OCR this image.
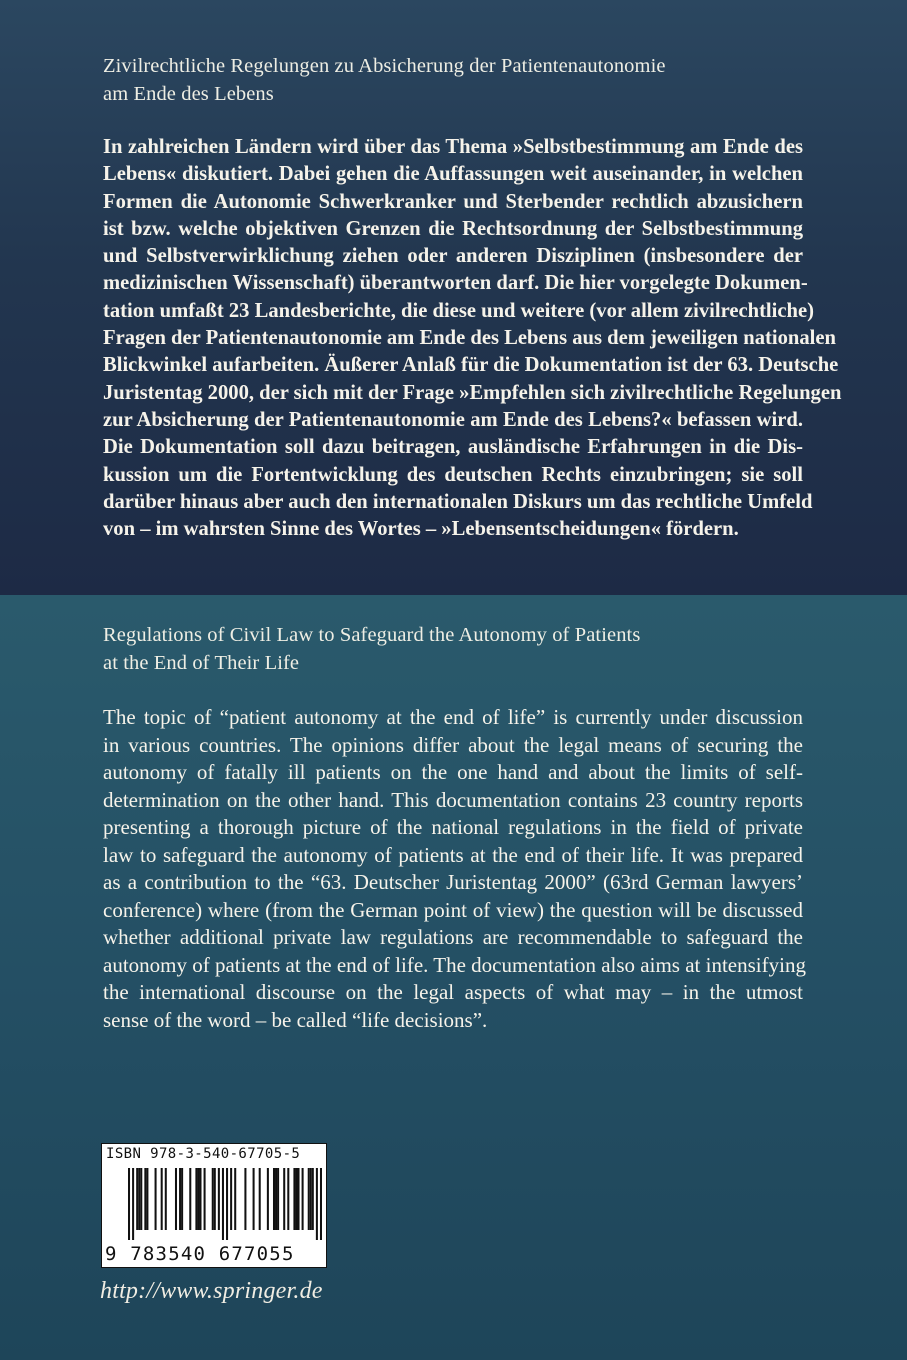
Zivilrechtliche Regelungen zu Absicherung der Patientenautonomie
am Ende des Lebens
In zahlreichen Ländern wird über das Thema »Selbstbestimmung am Ende des
Lebens« diskutiert. Dabei gehen die Auffassungen weit auseinander, in welchen
Formen die Autonomie Schwerkranker und Sterbender rechtlich abzusichern
ist bzw. welche objektiven Grenzen die Rechtsordnung der Selbstbestimmung
und Selbstverwirklichung ziehen oder anderen Disziplinen (insbesondere der
medizinischen Wissenschaft) überantworten darf. Die hier vorgelegte Dokumen-
tation umfaßt 23 Landesberichte, die diese und weitere (vor allem zivilrechtliche)
Fragen der Patientenautonomie am Ende des Lebens aus dem jeweiligen nationalen
Blickwinkel aufarbeiten. Äußerer Anlaß für die Dokumentation ist der 63. Deutsche
Juristentag 2000, der sich mit der Frage »Empfehlen sich zivilrechtliche Regelungen
zur Absicherung der Patientenautonomie am Ende des Lebens?« befassen wird.
Die Dokumentation soll dazu beitragen, ausländische Erfahrungen in die Dis-
kussion um die Fortentwicklung des deutschen Rechts einzubringen; sie soll
darüber hinaus aber auch den internationalen Diskurs um das rechtliche Umfeld
von – im wahrsten Sinne des Wortes – »Lebensentscheidungen« fördern.
Regulations of Civil Law to Safeguard the Autonomy of Patients
at the End of Their Life
The topic of “patient autonomy at the end of life” is currently under discussion
in various countries. The opinions differ about the legal means of securing the
autonomy of fatally ill patients on the one hand and about the limits of self-
determination on the other hand. This documentation contains 23 country reports
presenting a thorough picture of the national regulations in the field of private
law to safeguard the autonomy of patients at the end of their life. It was prepared
as a contribution to the “63. Deutscher Juristentag 2000” (63rd German lawyers’
conference) where (from the German point of view) the question will be discussed
whether additional private law regulations are recommendable to safeguard the
autonomy of patients at the end of life. The documentation also aims at intensifying
the international discourse on the legal aspects of what may – in the utmost
sense of the word – be called “life decisions”.
ISBN 978-3-540-67705-5
9 783540 677055
http://www.springer.de
